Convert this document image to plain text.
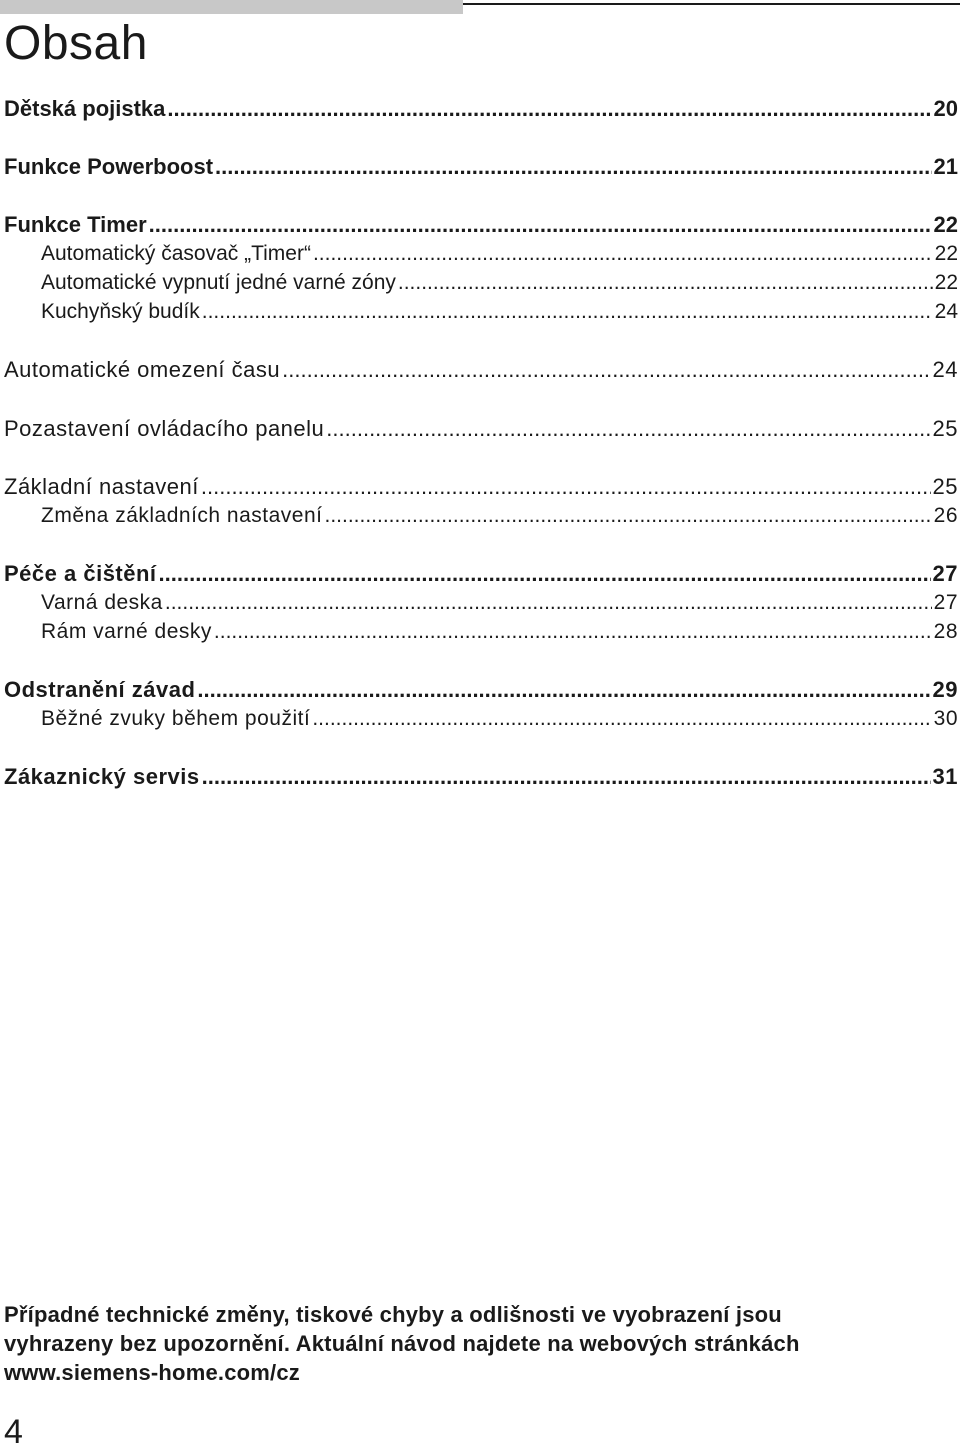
Obsah
Dětská pojistka .....	20
Funkce Powerboost .....	21
Funkce Timer .....	22
Automatický časovač „Timer“ .....	22
Automatické vypnutí jedné varné zóny .....	22
Kuchyňský budík .....	24
Automatické omezení času .....	24
Pozastavení ovládacího panelu .....	25
Základní nastavení .....	25
Změna základních nastavení .....	26
Péče a čištění .....	27
Varná deska .....	27
Rám varné desky .....	28
Odstranění závad .....	29
Běžné zvuky během použití .....	30
Zákaznický servis .....	31

Případné technické změny, tiskové chyby a odlišnosti ve vyobrazení jsou
vyhrazeny bez upozornění. Aktuální návod najdete na webových stránkách
www.siemens-home.com/cz

4
